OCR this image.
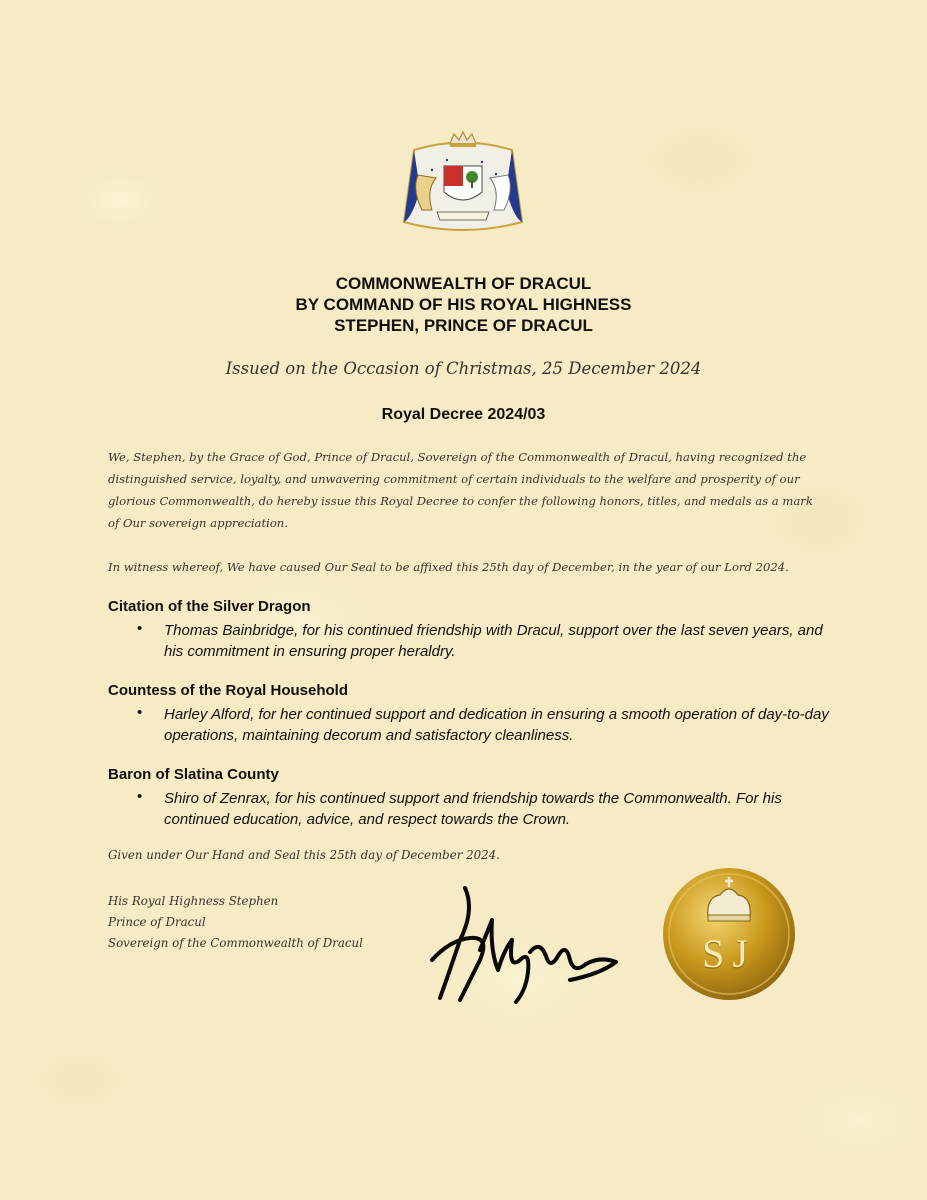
COMMONWEALTH OF DRACUL
BY COMMAND OF HIS ROYAL HIGHNESS
STEPHEN, PRINCE OF DRACUL
Issued on the Occasion of Christmas, 25 December 2024
Royal Decree 2024/03

We, Stephen, by the Grace of God, Prince of Dracul, Sovereign of the Commonwealth of Dracul, having recognized the distinguished service, loyalty, and unwavering commitment of certain individuals to the welfare and prosperity of our glorious Commonwealth, do hereby issue this Royal Decree to confer the following honors, titles, and medals as a mark of Our sovereign appreciation.

In witness whereof, We have caused Our Seal to be affixed this 25th day of December, in the year of our Lord 2024.

Citation of the Silver Dragon
• Thomas Bainbridge, for his continued friendship with Dracul, support over the last seven years, and his commitment in ensuring proper heraldry.

Countess of the Royal Household
• Harley Alford, for her continued support and dedication in ensuring a smooth operation of day-to-day operations, maintaining decorum and satisfactory cleanliness.

Baron of Slatina County
• Shiro of Zenrax, for his continued support and friendship towards the Commonwealth. For his continued education, advice, and respect towards the Crown.

Given under Our Hand and Seal this 25th day of December 2024.
His Royal Highness Stephen
Prince of Dracul
Sovereign of the Commonwealth of Dracul	SJ
